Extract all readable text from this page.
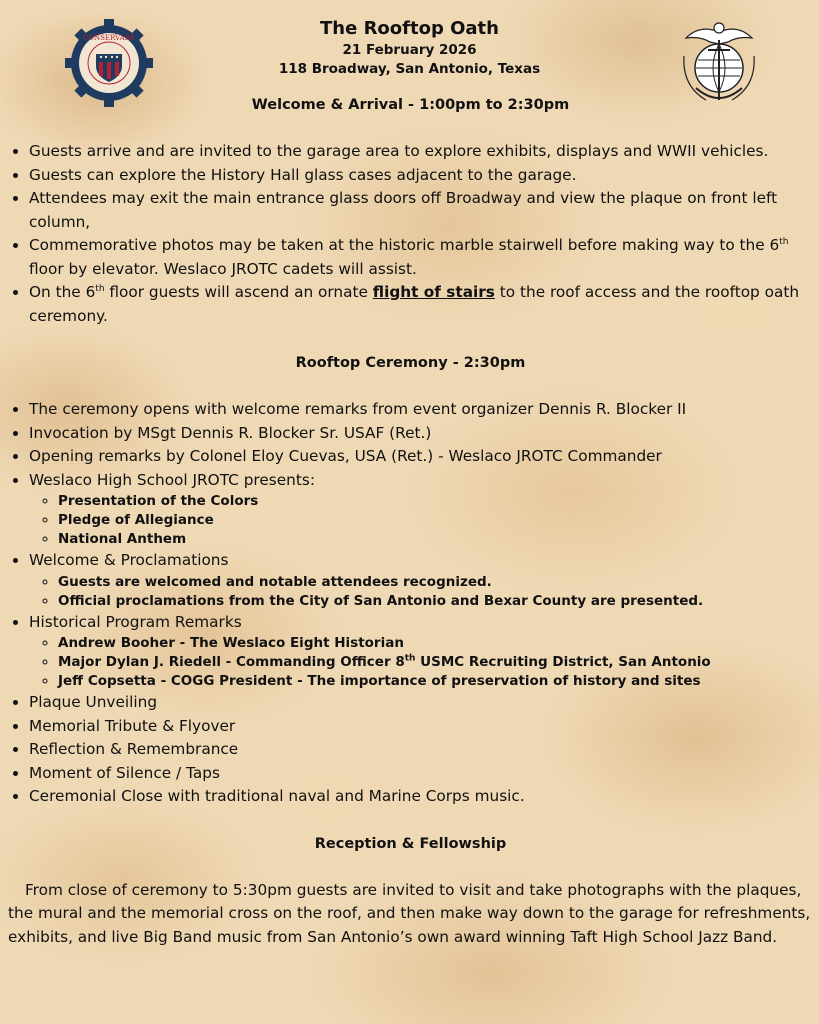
CONSERVARE	The Rooftop Oath
21 February 2026
118 Broadway, San Antonio, Texas
Welcome & Arrival - 1:00pm to 2:30pm
• Guests arrive and are invited to the garage area to explore exhibits, displays and WWII vehicles.
• Guests can explore the History Hall glass cases adjacent to the garage.
• Attendees may exit the main entrance glass doors off Broadway and view the plaque on front left column,
• Commemorative photos may be taken at the historic marble stairwell before making way to the 6th floor by elevator. Weslaco JROTC cadets will assist.
• On the 6th floor guests will ascend an ornate flight of stairs to the roof access and the rooftop oath ceremony.
Rooftop Ceremony - 2:30pm
• The ceremony opens with welcome remarks from event organizer Dennis R. Blocker II
• Invocation by MSgt Dennis R. Blocker Sr. USAF (Ret.)
• Opening remarks by Colonel Eloy Cuevas, USA (Ret.) - Weslaco JROTC Commander
• Weslaco High School JROTC presents:
◦ Presentation of the Colors
◦ Pledge of Allegiance
◦ National Anthem
• Welcome & Proclamations
◦ Guests are welcomed and notable attendees recognized.
◦ Official proclamations from the City of San Antonio and Bexar County are presented.
• Historical Program Remarks
◦ Andrew Booher - The Weslaco Eight Historian
◦ Major Dylan J. Riedell - Commanding Officer 8th USMC Recruiting District, San Antonio
◦ Jeff Copsetta - COGG President - The importance of preservation of history and sites
• Plaque Unveiling
• Memorial Tribute & Flyover
• Reflection & Remembrance
• Moment of Silence / Taps
• Ceremonial Close with traditional naval and Marine Corps music.
Reception & Fellowship

From close of ceremony to 5:30pm guests are invited to visit and take photographs with the plaques, the mural and the memorial cross on the roof, and then make way down to the garage for refreshments, exhibits, and live Big Band music from San Antonio’s own award winning Taft High School Jazz Band.
